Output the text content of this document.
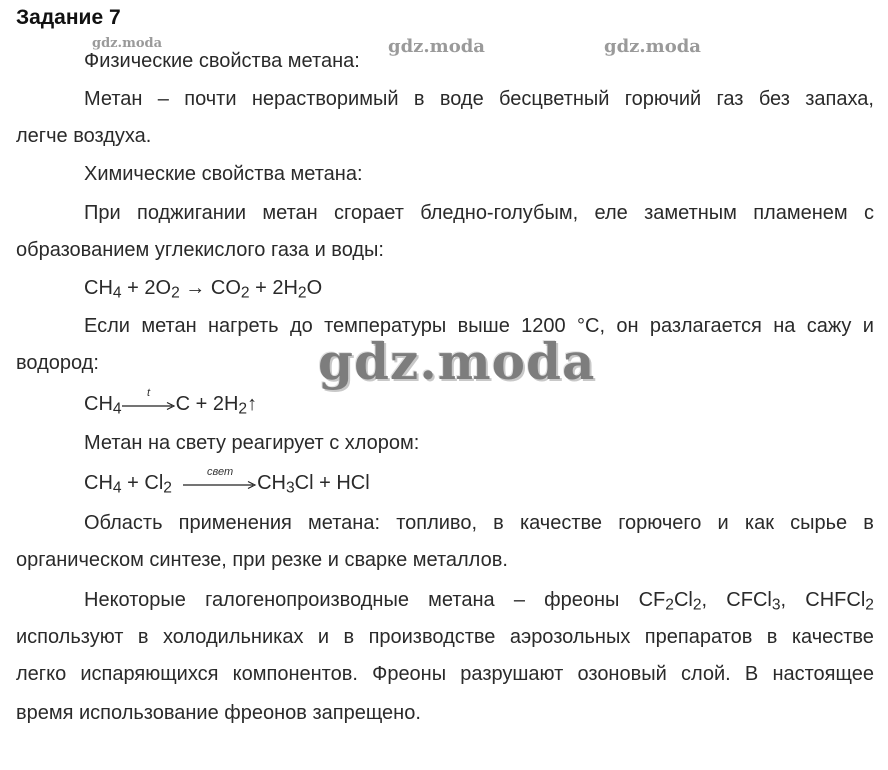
Задание 7
gdz.moda	gdz.moda	gdz.moda
Физические свойства метана:
Метан – почти нерастворимый в воде бесцветный горючий газ без запаха,
легче воздуха.
Химические свойства метана:
При поджигании метан сгорает бледно-голубым, еле заметным пламенем с
образованием углекислого газа и воды:
$CH_4 + 2O_2 \to CO_2 + 2H_2O$
Если метан нагреть до температуры выше 1200 °С, он разлагается на сажу и
водород:	gdz.moda
$CH_4$
t
$C + 2H_2↑$
Метан на свету реагирует с хлором:
$CH_4 + Cl_2$
свет
$CH_3Cl$ + HCl
Область применения метана: топливо, в качестве горючего и как сырье в
органическом синтезе, при резке и сварке металлов.
Некоторые галогенопроизводные метана – фреоны $CF_2Cl_2$, CFCl$_3$, CHFCl$_2$
используют в холодильниках и в производстве аэрозольных препаратов в качестве
легко испаряющихся компонентов. Фреоны разрушают озоновый слой. В настоящее
время использование фреонов запрещено.
